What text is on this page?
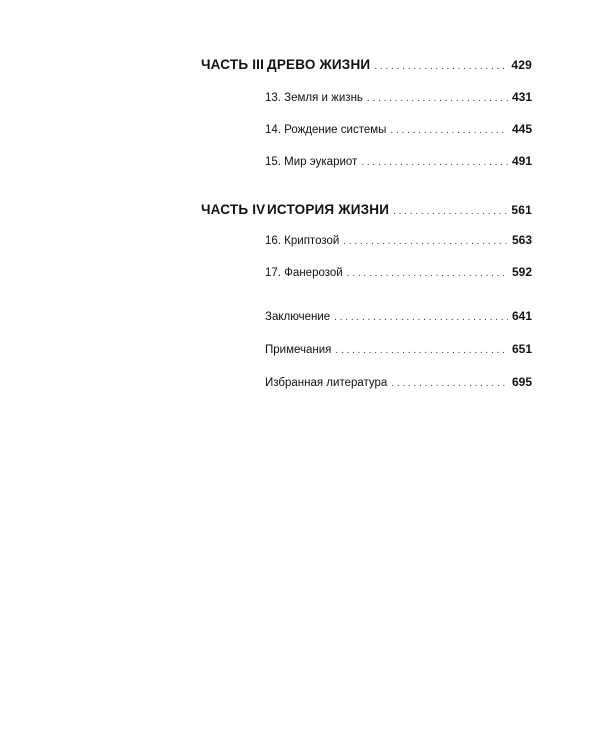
ЧАСТЬ III ДРЕВО ЖИЗНИ . . .	429
13. Земля и жизнь . . .	431
14. Рождение системы . . .	445
15. Мир эукариот . . .	491
ЧАСТЬ IV ИСТОРИЯ ЖИЗНИ . . .	561
16. Криптозой . . .	563
17. Фанерозой . . .	592
Заключение . . .	641
Примечания . . .	651
Избранная литература . . .	695
